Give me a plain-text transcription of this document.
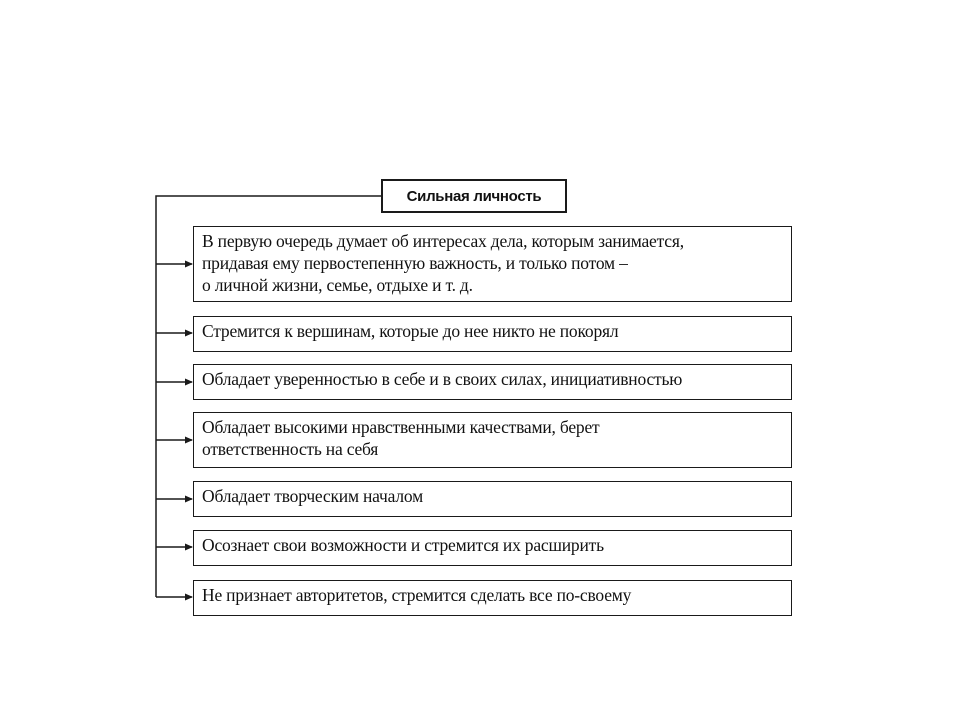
Сильная личность
В первую очередь думает об интересах дела, которым занимается,
придавая ему первостепенную важность, и только потом –
о личной жизни, семье, отдыхе и т. д.
Стремится к вершинам, которые до нее никто не покорял
Обладает уверенностью в себе и в своих силах, инициативностью
Обладает высокими нравственными качествами, берет
ответственность на себя
Обладает творческим началом
Осознает свои возможности и стремится их расширить
Не признает авторитетов, стремится сделать все по-своему
